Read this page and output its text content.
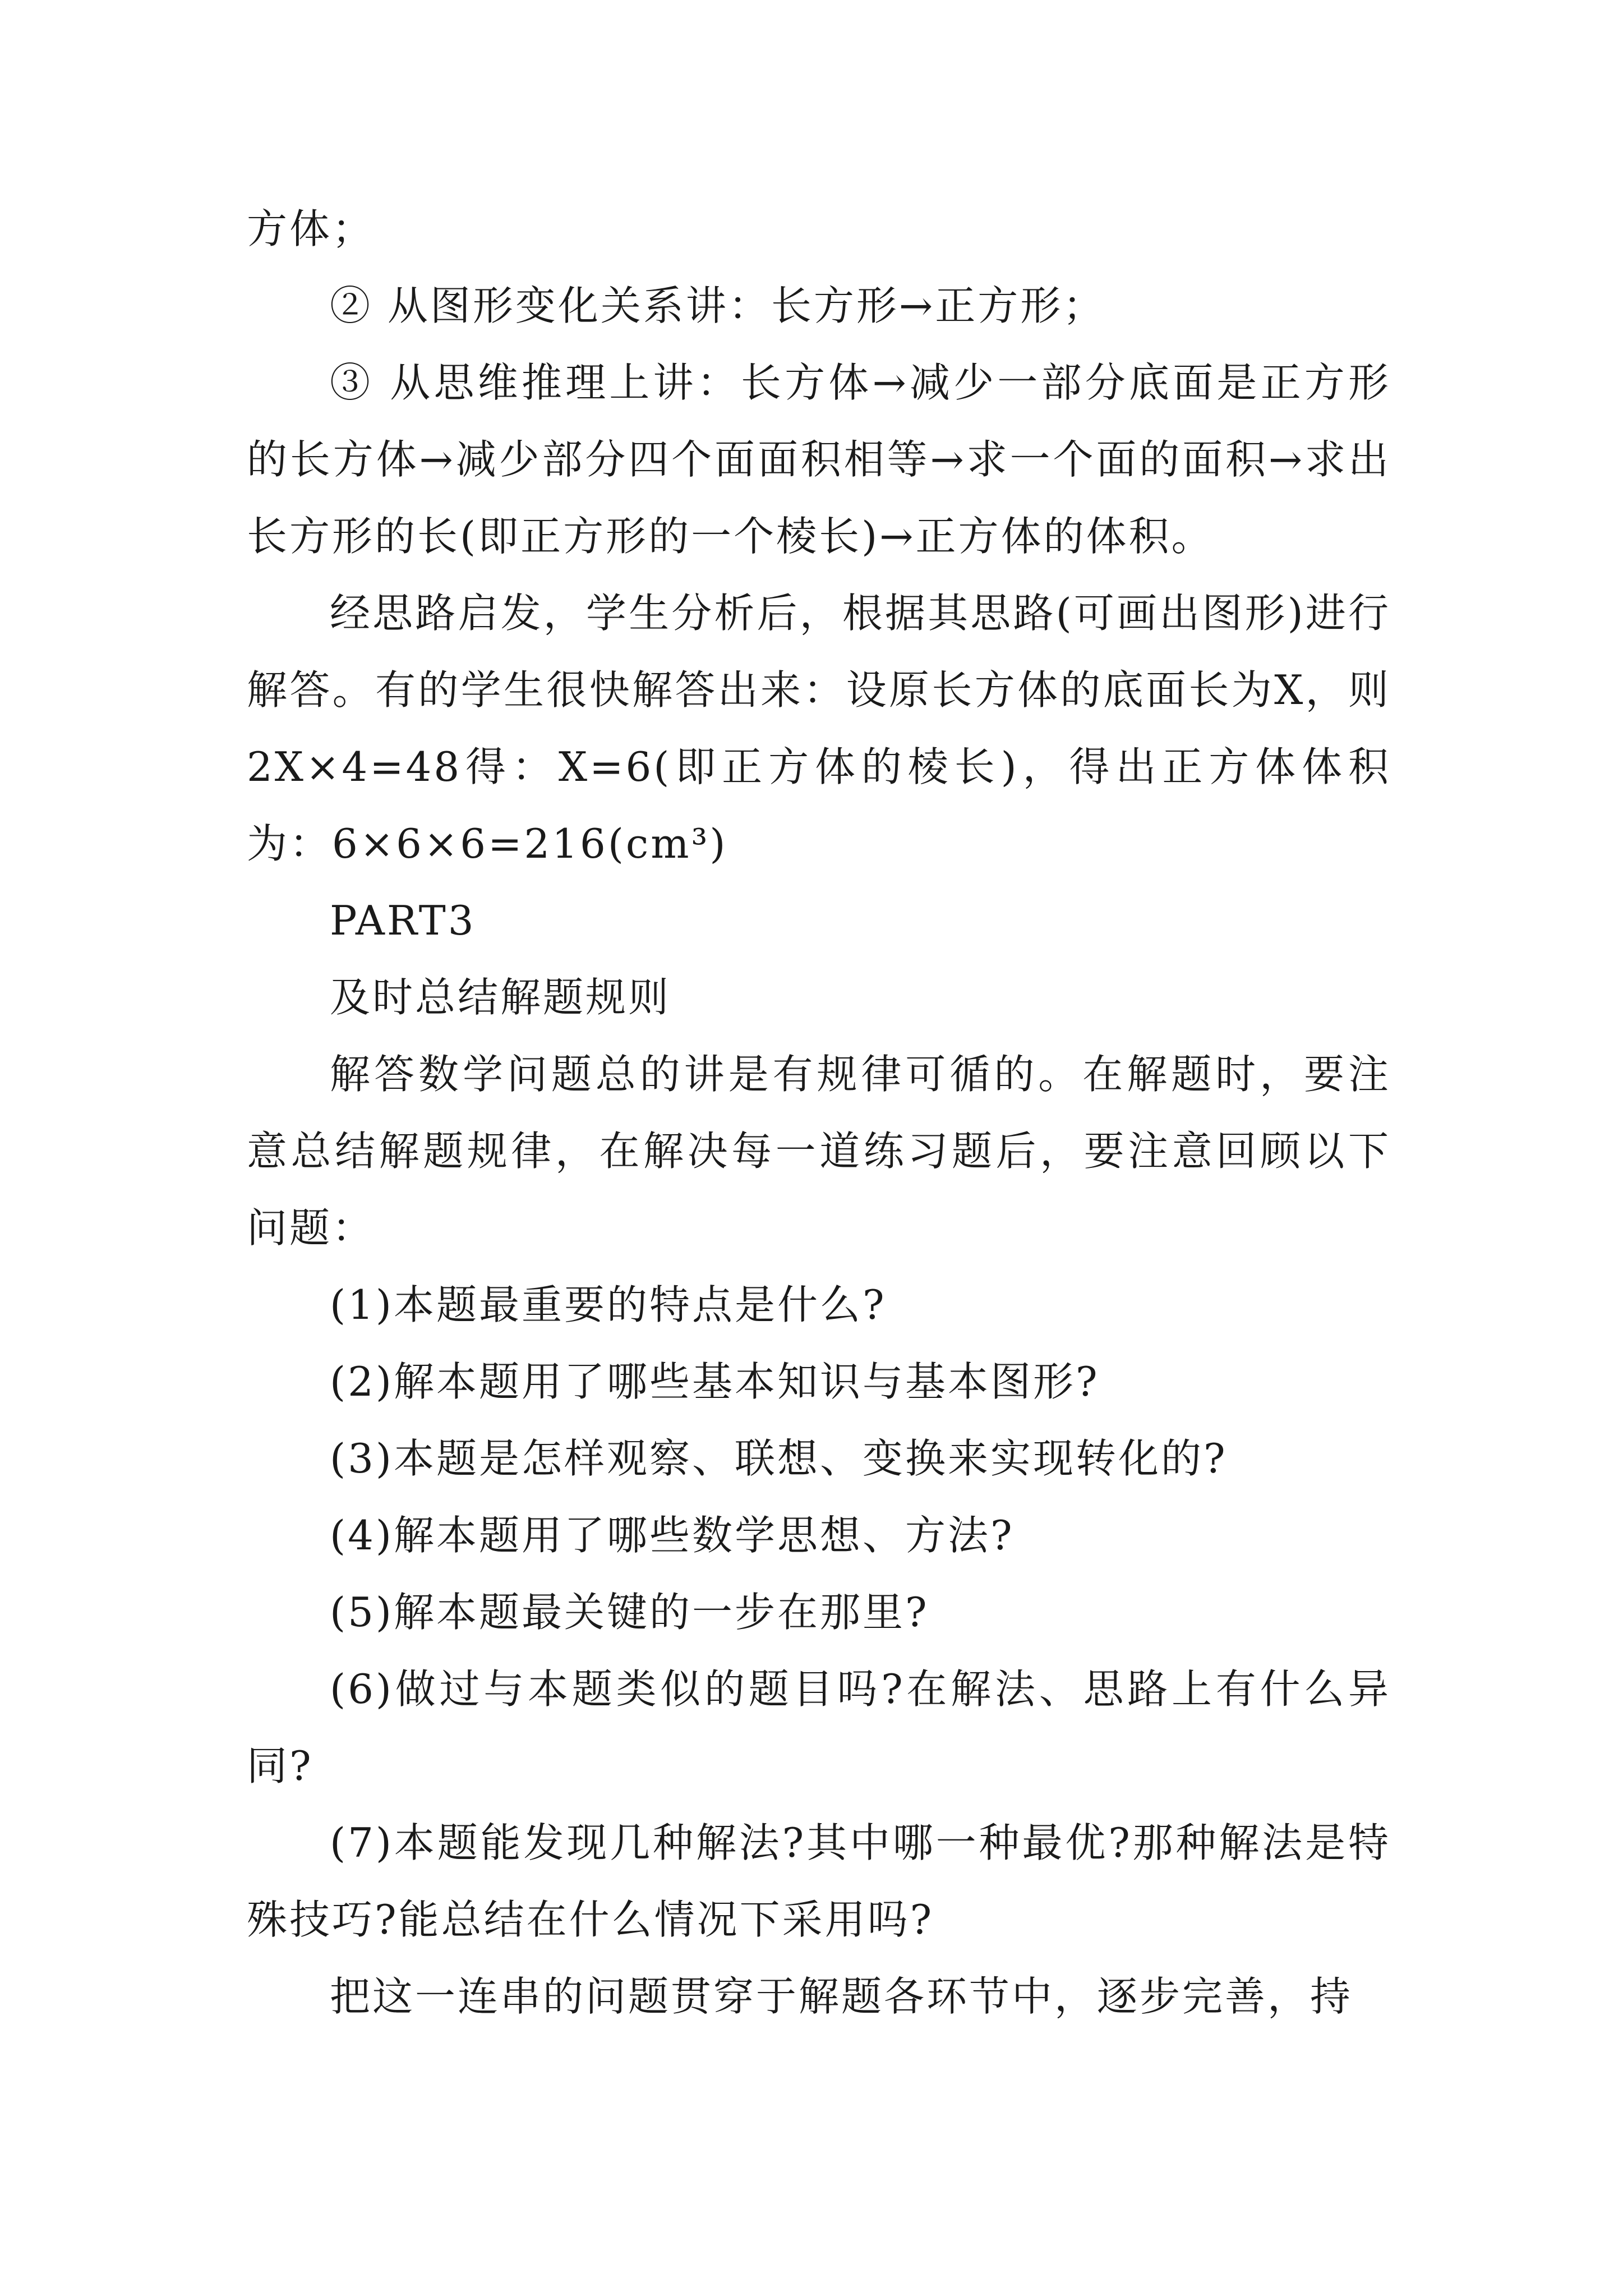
方体；

② 从图形变化关系讲：长方形→正方形；

③ 从思维推理上讲：长方体→减少一部分底面是正方形的长方体→减少部分四个面面积相等→求一个面的面积→求出长方形的长(即正方形的一个棱长)→正方体的体积。

经思路启发，学生分析后，根据其思路(可画出图形)进行解答。有的学生很快解答出来：设原长方体的底面长为X，则2X×4=48得：X=6(即正方体的棱长)，得出正方体体积为：6×6×6=216(cm³)

PART3

及时总结解题规则

解答数学问题总的讲是有规律可循的。在解题时，要注意总结解题规律，在解决每一道练习题后，要注意回顾以下问题：

(1)本题最重要的特点是什么?

(2)解本题用了哪些基本知识与基本图形?

(3)本题是怎样观察、联想、变换来实现转化的?

(4)解本题用了哪些数学思想、方法?

(5)解本题最关键的一步在那里?

(6)做过与本题类似的题目吗?在解法、思路上有什么异同?

(7)本题能发现几种解法?其中哪一种最优?那种解法是特殊技巧?能总结在什么情况下采用吗?

把这一连串的问题贯穿于解题各环节中，逐步完善，持
